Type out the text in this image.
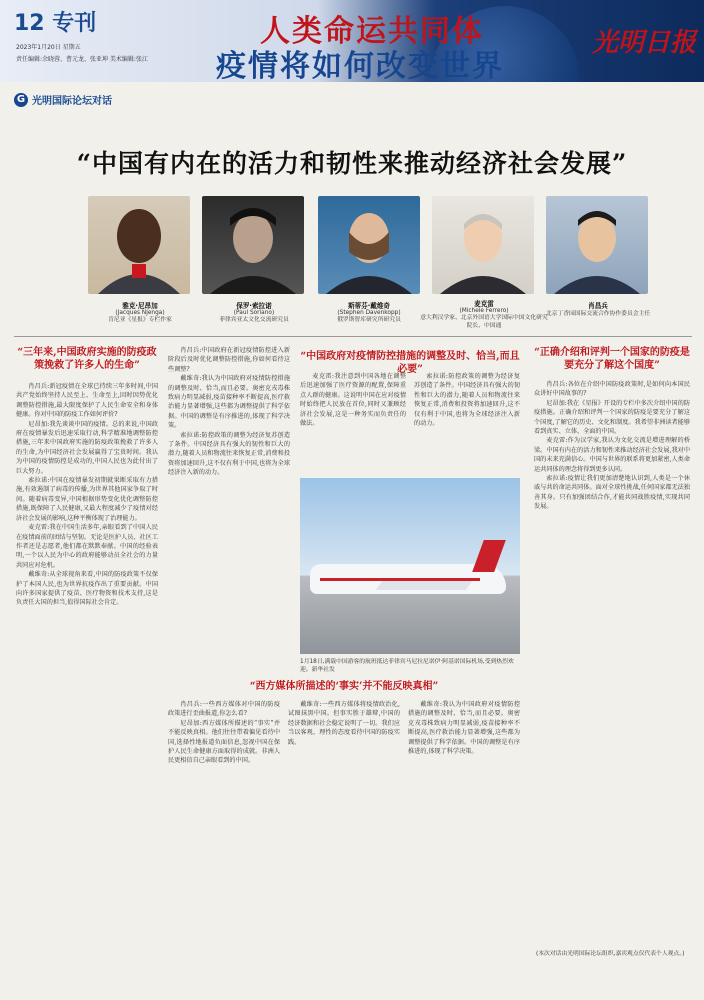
12 专刊
2023年1月20日 星期五
责任编辑:余晓蓉、曹元龙、张亚坤 美术编辑:张江
人类命运共同体
疫情将如何改变世界
光明日报
G 光明国际论坛对话
“中国有内在的活力和韧性来推动经济社会发展”
雅克·尼昂加
(Jacques Njenga)
肯尼亚《星报》专栏作家
保罗·索拉诺
(Paul Soriano)
菲律宾亚太文化交流研究员
斯蒂芬·戴维奇
(Stephen Davenkopp)
俄罗斯智库研究所研究员
麦克雷
(Michele Ferrero)
意大利汉学家、北京外国语大学国际中国文化研究院长、中国通
肖昌兵
北京丁香园国际交流合作协作委员会主任
“三年来,中国政府实施的防疫政策挽救了许多人的生命”

肖昌兵:新冠疫情在全球已持续三年多时间,中国共产党始终坚持人民至上、生命至上,因时因势优化调整防控措施,最大限度保护了人民生命安全和身体健康。你对中国的防疫工作如何评价?

尼昂加:我先谈谈中国的疫情。总的来说,中国政府在疫情暴发后迅速采取行动,科学精准地调整防控措施,三年来中国政府实施的防疫政策挽救了许多人的生命,为中国经济社会发展赢得了宝贵时间。我认为中国的疫情防控是成功的,中国人民也为此付出了巨大努力。

索拉诺:中国在疫情暴发初期就果断采取有力措施,有效遏制了病毒的传播,为世界其他国家争取了时间。随着病毒变异,中国根据形势变化优化调整防控措施,既保障了人民健康,又最大程度减少了疫情对经济社会发展的影响,这种平衡体现了治理能力。

麦克雷:我在中国生活多年,亲眼看到了中国人民在疫情面前的团结与坚韧。无论是医护人员、社区工作者还是志愿者,他们都在默默奉献。中国的经验表明,一个以人民为中心的政府能够动员全社会的力量共同应对危机。

戴维奇:从全球视角来看,中国的防疫政策不仅保护了本国人民,也为世界抗疫作出了重要贡献。中国向许多国家提供了疫苗、医疗物资和技术支持,这是负责任大国的担当,值得国际社会肯定。

肖昌兵:中国政府在新冠疫情防控进入新阶段后及时优化调整防控措施,你如何看待这些调整?

戴维奇:我认为中国政府对疫情防控措施的调整及时、恰当,而且必要。奥密克戎毒株致病力明显减弱,疫苗接种率不断提高,医疗救治能力显著增强,这些都为调整提供了科学依据。中国的调整是有序推进的,体现了科学决策。

索拉诺:防控政策的调整为经济复苏创造了条件。中国经济具有强大的韧性和巨大的潜力,随着人员和物流往来恢复正常,消费和投资将加速回升,这不仅有利于中国,也将为全球经济注入新的动力。

“中国政府对疫情防控措施的调整及时、恰当,而且必要”

麦克雷:我注意到中国各地在调整后迅速加强了医疗资源的配置,保障重点人群的健康。这说明中国在应对疫情时始终把人民放在首位,同时又兼顾经济社会发展,这是一种务实而负责任的做法。

索拉诺:防控政策的调整为经济复苏创造了条件。中国经济具有强大的韧性和巨大的潜力,随着人员和物流往来恢复正常,消费和投资将加速回升,这不仅有利于中国,也将为全球经济注入新的动力。

1月18日,满载中国游客的航班抵达菲律宾马尼拉尼诺伊·阿基诺国际机场,受到热烈欢迎。新华社发
“西方媒体所描述的‘事实’并不能反映真相”

肖昌兵:一些西方媒体对中国的防疫政策进行歪曲报道,你怎么看?

尼昂加:西方媒体所描述的“事实”并不能反映真相。他们往往带着偏见看待中国,选择性地报道负面信息,忽视中国在保护人民生命健康方面取得的成就。非洲人民更相信自己亲眼看到的中国。

戴维奇:一些西方媒体将疫情政治化,试图抹黑中国。但事实胜于雄辩,中国的经济数据和社会稳定说明了一切。我们应当以客观、理性的态度看待中国的防疫实践。

戴维奇:我认为中国政府对疫情防控措施的调整及时、恰当,而且必要。奥密克戎毒株致病力明显减弱,疫苗接种率不断提高,医疗救治能力显著增强,这些都为调整提供了科学依据。中国的调整是有序推进的,体现了科学决策。

“正确介绍和评判一个国家的防疫是要充分了解这个国度”

肖昌兵:各位在介绍中国防疫政策时,是如何向本国民众讲好中国故事的?

尼昂加:我在《星报》开设的专栏中多次介绍中国的防疫措施。正确介绍和评判一个国家的防疫是要充分了解这个国度,了解它的历史、文化和制度。我希望非洲读者能够看到真实、立体、全面的中国。

麦克雷:作为汉学家,我认为文化交流是增进理解的桥梁。中国有内在的活力和韧性来推动经济社会发展,我对中国的未来充满信心。中国与世界的联系将更加紧密,人类命运共同体的理念将得到更多认同。

索拉诺:疫情让我们更加清楚地认识到,人类是一个休戚与共的命运共同体。面对全球性挑战,任何国家都无法独善其身。只有加强团结合作,才能共同战胜疫情,实现共同发展。

(本次对话由光明国际论坛组织,嘉宾观点仅代表个人观点。)
